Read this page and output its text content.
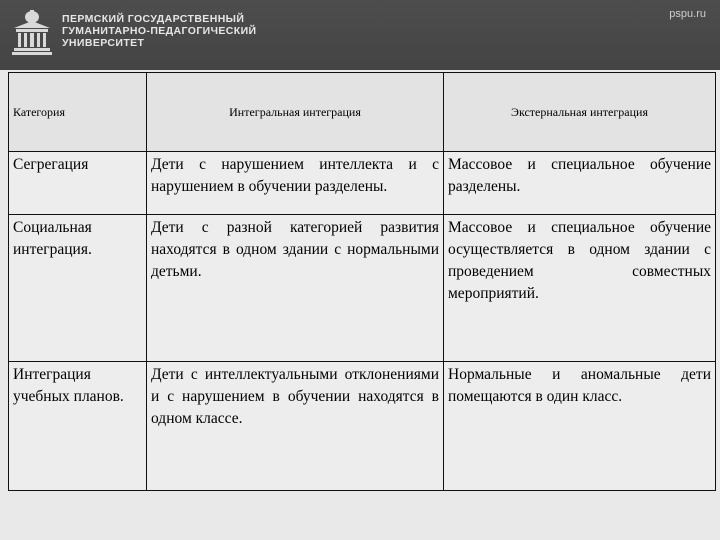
ПЕРМСКИЙ ГОСУДАРСТВЕННЫЙ
ГУМАНИТАРНО-ПЕДАГОГИЧЕСКИЙ
УНИВЕРСИТЕТ
pspu.ru
Категория	Интегральная интеграция	Экстернальная интеграция
Сегрегация	Дети с нарушением интеллекта и с нарушением в обучении разделены.	Массовое и специальное обучение разделены.
Социальная интеграция.	Дети с разной категорией развития находятся в одном здании с нормальными детьми.	Массовое и специальное обучение осуществляется в одном здании с проведением совместных мероприятий.
Интеграция учебных планов.	Дети с интеллектуальными отклонениями и с нарушением в обучении находятся в одном классе.	Нормальные и аномальные дети помещаются в один класс.
